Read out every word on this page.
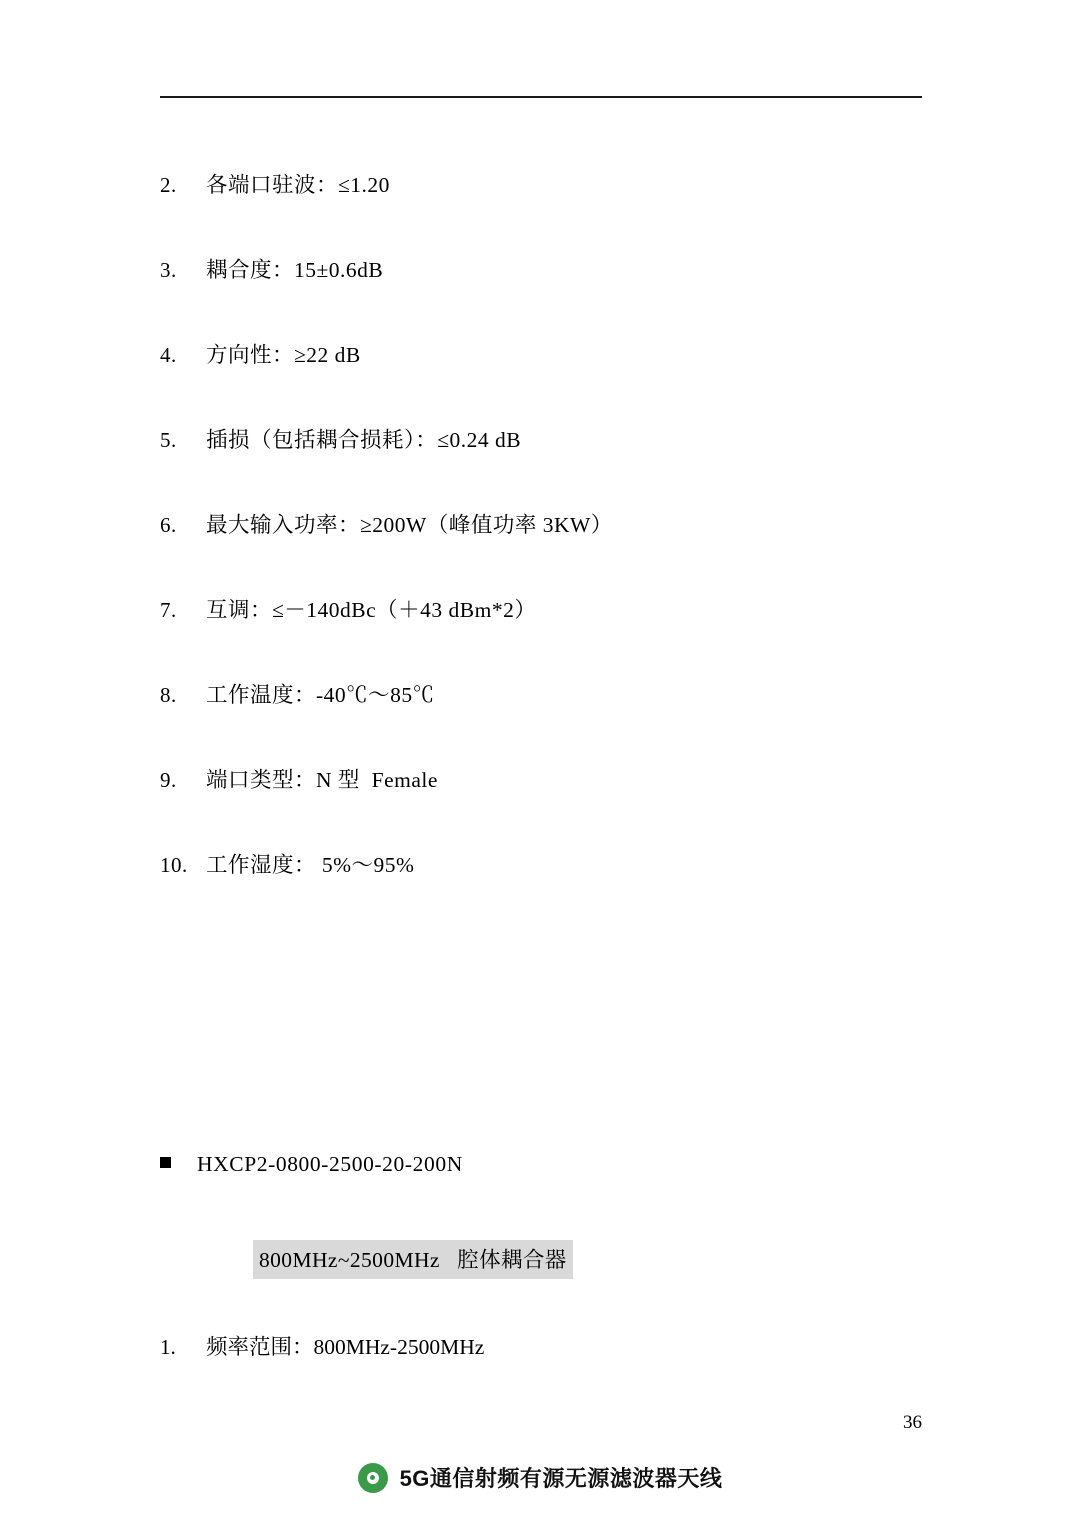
2.	各端口驻波：≤1.20
3.	耦合度：15±0.6dB
4.	方向性：≥22 dB
5.	插损（包括耦合损耗）：≤0.24 dB
6.	最大输入功率：≥200W（峰值功率 3KW）
7.	互调：≤－140dBc（＋43 dBm*2）
8.	工作温度：-40℃～85℃
9.	端口类型：N 型  Female
10. 工作湿度： 5%～95%
HXCP2-0800-2500-20-200N
800MHz~2500MHz   腔体耦合器
1.	频率范围：800MHz-2500MHz
36
5G通信射频有源无源滤波器天线
